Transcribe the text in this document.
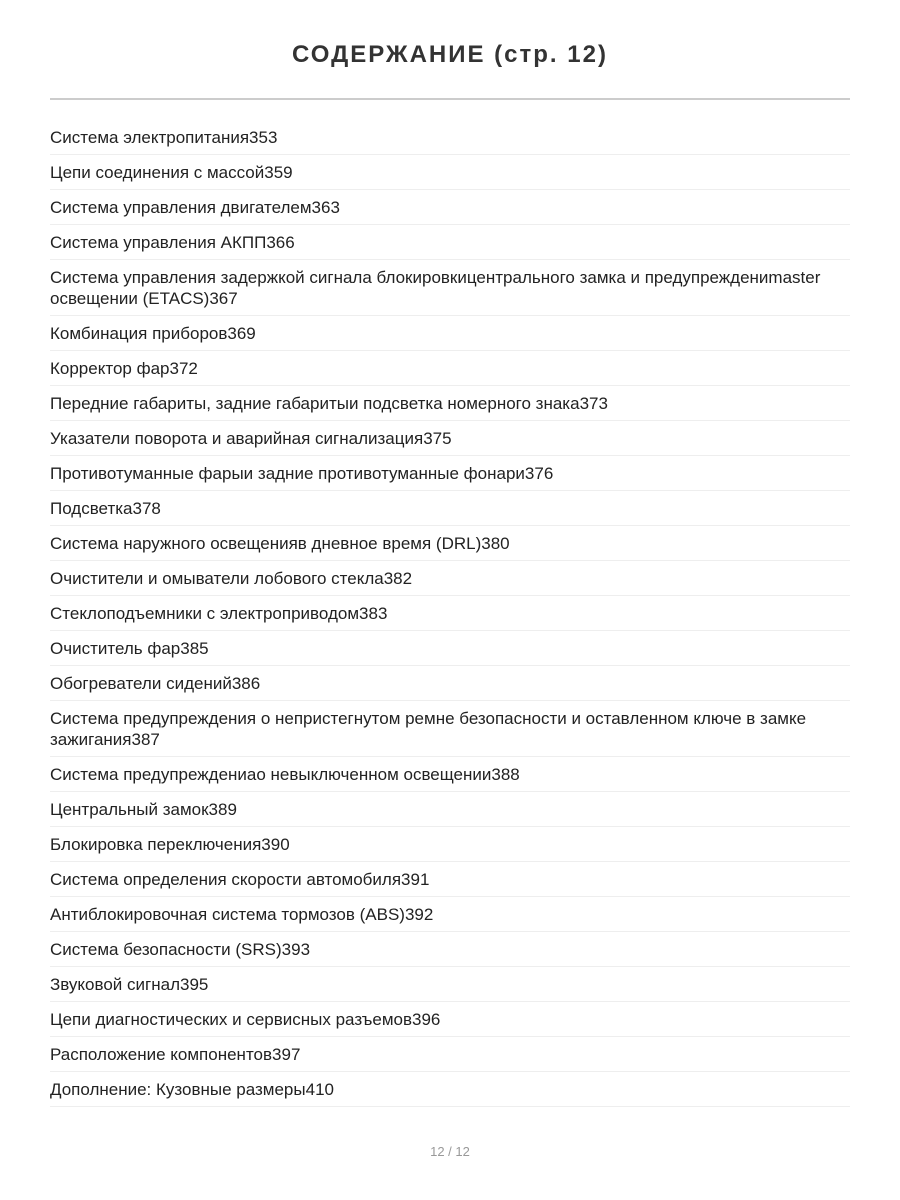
СОДЕРЖАНИЕ (стр. 12)
Система электропитания353
Цепи соединения с массой359
Система управления двигателем363
Система управления АКПП366
Система управления задержкой сигнала блокировкицентрального замка и предупреждениmaster освещении (ETACS)367
Комбинация приборов369
Корректор фар372
Передние габариты, задние габаритыи подсветка номерного знака373
Указатели поворота и аварийная сигнализация375
Противотуманные фарыи задние противотуманные фонари376
Подсветка378
Система наружного освещенияв дневное время (DRL)380
Очистители и омыватели лобового стекла382
Стеклоподъемники с электроприводом383
Очиститель фар385
Обогреватели сидений386
Система предупреждения о непристегнутом ремне безопасности и оставленном ключе в замке зажигания387
Система предупреждениao невыключенном освещении388
Центральный замок389
Блокировка переключения390
Система определения скорости автомобиля391
Антиблокировочная система тормозов (ABS)392
Система безопасности (SRS)393
Звуковой сигнал395
Цепи диагностических и сервисных разъемов396
Расположение компонентов397
Дополнение: Кузовные размеры410
12 / 12
